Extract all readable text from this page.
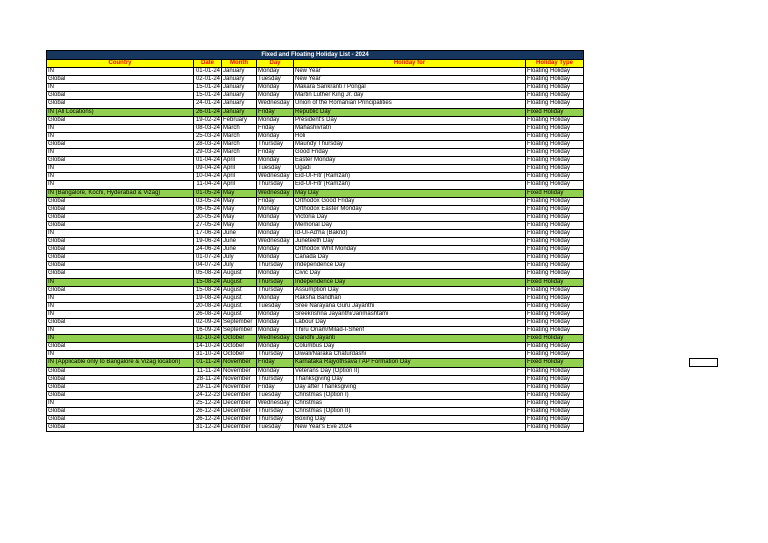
Fixed and Floating Holiday List - 2024
Country	Date	Month	Day	Holiday for	Holiday Type
IN	01-01-24	January	Monday	New Year	Floating Holiday
Global	02-01-24	January	Tuesday	New Year	Floating Holiday
IN	15-01-24	January	Monday	Makara Sankranti / Pongal	Floating Holiday
Global	15-01-24	January	Monday	Martin Luther King Jr. day	Floating Holiday
Global	24-01-24	January	Wednesday	Union of the Romanian Principalities	Floating Holiday
IN (All Locations)	26-01-24	January	Friday	Republic Day	Fixed Holiday
Global	19-02-24	February	Monday	President's Day	Floating Holiday
IN	08-03-24	March	Friday	Mahashivratri	Floating Holiday
IN	25-03-24	March	Monday	Holi	Floating Holiday
Global	28-03-24	March	Thursday	Maundy Thursday	Floating Holiday
IN	29-03-24	March	Friday	Good Friday	Floating Holiday
Global	01-04-24	April	Monday	Easter Monday	Floating Holiday
IN	09-04-24	April	Tuesday	Ugadi	Floating Holiday
IN	10-04-24	April	Wednesday	Eid-Ul-Fitr (Ramzan)	Floating Holiday
IN	11-04-24	April	Thursday	Eid-Ul-Fitr (Ramzan)	Floating Holiday
IN (Bangalore, Kochi, Hyderabad & Vizag)	01-05-24	May	Wednesday	May Day	Fixed Holiday
Global	03-05-24	May	Friday	Orthodox Good Friday	Floating Holiday
Global	06-05-24	May	Monday	Orthodox Easter Monday	Floating Holiday
Global	20-05-24	May	Monday	Victoria Day	Floating Holiday
Global	27-05-24	May	Monday	Memorial Day	Floating Holiday
IN	17-06-24	June	Monday	Id-Ul-Ad'ha (Bakrid)	Floating Holiday
Global	19-06-24	June	Wednesday	Juneteeth Day	Floating Holiday
Global	24-06-24	June	Monday	Orthodox Whit Monday	Floating Holiday
Global	01-07-24	July	Monday	Canada Day	Floating Holiday
Global	04-07-24	July	Thursday	Independence Day	Floating Holiday
Global	05-08-24	August	Monday	Civic Day	Floating Holiday
IN	15-08-24	August	Thursday	Independence Day	Fixed Holiday
Global	15-08-24	August	Thursday	Assumption Day	Floating Holiday
IN	19-08-24	August	Monday	Raksha Bandhan	Floating Holiday
IN	20-08-24	August	Tuesday	Sree Narayana Guru Jayanthi	Floating Holiday
IN	26-08-24	August	Monday	Sreekrishna Jayanthi/Janmashtami	Floating Holiday
Global	02-09-24	September	Monday	Labour Day	Floating Holiday
IN	16-09-24	September	Monday	Thiru Onam/Milad-I-Sherif	Floating Holiday
IN	02-10-24	October	Wednesday	Gandhi Jayanti	Fixed Holiday
Global	14-10-24	October	Monday	Columbus Day	Floating Holiday
IN	31-10-24	October	Thursday	Diwali/Naraka Chaturdashi	Floating Holiday
IN (Applicable only to Bangalore & Vizag location)	01-11-24	November	Friday	Karnataka Rajyothsava / AP Formation Day	Fixed Holiday
Global	11-11-24	November	Monday	Veterans Day (Option II)	Floating Holiday
Global	28-11-24	November	Thursday	Thanksgiving Day	Floating Holiday
Global	29-11-24	November	Friday	Day after Thanksgiving	Floating Holiday
Global	24-12-23	December	Tuesday	Christmas (Option I)	Floating Holiday
IN	25-12-24	December	Wednesday	Christmas	Floating Holiday
Global	26-12-24	December	Thursday	Christmas (Option II)	Floating Holiday
Global	26-12-24	December	Thursday	Boxing Day	Floating Holiday
Global	31-12-24	December	Tuesday	New Year's Eve 2024	Floating Holiday
